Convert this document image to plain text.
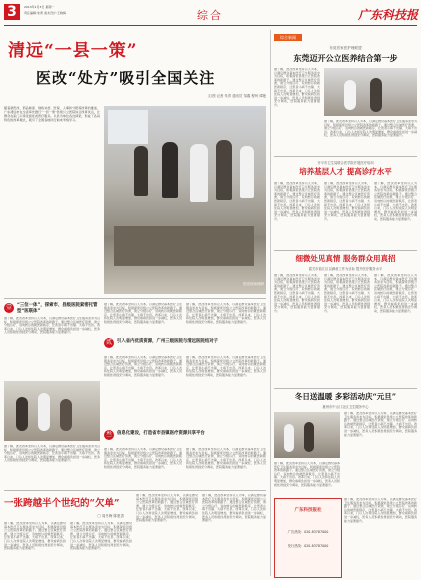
3	2013年1月3日 星期一
责任编辑:朱青 美术设计:王晓梅	综合	广东科技报
清远“一县一策”
医改“处方”吸引全国关注
文/图 记者 朱青 通讯员 邹鑫 程珂 谭艳
随着新医改、药品制度、财政补偿、医保、人事和分配等改革的推进，广东清远市在全省率先推行“一县一策”县级公立医院综合改革试点，让群众在家门口享受到优质医疗服务。以县为单位各自探索，形成了各具特色的改革模式，吸引了全国各地同行前来考察学习。
医改现场调研
壹	“三位一体”，探索市、县级医院紧密托管型“医联体”
据了解，此次改革坚持以人为本，以满足群众基本医疗卫生服务需求为目标，积极探索县级公立医院改革的新路子。通过整合区域医疗资源，建立分级诊疗、双向转诊的就医新秩序，让患者小病不出镇、大病不出县。改革以来，门诊人次和住院人次明显增加，群众看病负担进一步减轻，医务人员积极性得到充分调动，医院服务能力显著提升。
据了解，此次改革坚持以人为本，以满足群众基本医疗卫生服务需求为目标，积极探索县级公立医院改革的新路子。通过整合区域医疗资源，建立分级诊疗、双向转诊的就医新秩序，让患者小病不出镇、大病不出县。改革以来，门诊人次和住院人次明显增加，群众看病负担进一步减轻，医务人员积极性得到充分调动，医院服务能力显著提升。
据了解，此次改革坚持以人为本，以满足群众基本医疗卫生服务需求为目标，积极探索县级公立医院改革的新路子。通过整合区域医疗资源，建立分级诊疗、双向转诊的就医新秩序，让患者小病不出镇、大病不出县。改革以来，门诊人次和住院人次明显增加，群众看病负担进一步减轻，医务人员积极性得到充分调动，医院服务能力显著提升。
据了解，此次改革坚持以人为本，以满足群众基本医疗卫生服务需求为目标，积极探索县级公立医院改革的新路子。通过整合区域医疗资源，建立分级诊疗、双向转诊的就医新秩序，让患者小病不出镇、大病不出县。改革以来，门诊人次和住院人次明显增加，群众看病负担进一步减轻，医务人员积极性得到充分调动，医院服务能力显著提升。
贰	引入省内优质资源，广州三级医院与清远医院结对子
据了解，此次改革坚持以人为本，以满足群众基本医疗卫生服务需求为目标，积极探索县级公立医院改革的新路子。通过整合区域医疗资源，建立分级诊疗、双向转诊的就医新秩序，让患者小病不出镇、大病不出县。改革以来，门诊人次和住院人次明显增加，群众看病负担进一步减轻，医务人员积极性得到充分调动，医院服务能力显著提升。
据了解，此次改革坚持以人为本，以满足群众基本医疗卫生服务需求为目标，积极探索县级公立医院改革的新路子。通过整合区域医疗资源，建立分级诊疗、双向转诊的就医新秩序，让患者小病不出镇、大病不出县。改革以来，门诊人次和住院人次明显增加，群众看病负担进一步减轻，医务人员积极性得到充分调动，医院服务能力显著提升。
叁	信息化建设，打造省市县镇医疗资源共享平台
据了解，此次改革坚持以人为本，以满足群众基本医疗卫生服务需求为目标，积极探索县级公立医院改革的新路子。通过整合区域医疗资源，建立分级诊疗、双向转诊的就医新秩序，让患者小病不出镇、大病不出县。改革以来，门诊人次和住院人次明显增加，群众看病负担进一步减轻，医务人员积极性得到充分调动，医院服务能力显著提升。
据了解，此次改革坚持以人为本，以满足群众基本医疗卫生服务需求为目标，积极探索县级公立医院改革的新路子。通过整合区域医疗资源，建立分级诊疗、双向转诊的就医新秩序，让患者小病不出镇、大病不出县。改革以来，门诊人次和住院人次明显增加，群众看病负担进一步减轻，医务人员积极性得到充分调动，医院服务能力显著提升。
一张跨越半个世纪的“欠单”
□ 周冬梅 陈惠香
据了解，此次改革坚持以人为本，以满足群众基本医疗卫生服务需求为目标，积极探索县级公立医院改革的新路子。通过整合区域医疗资源，建立分级诊疗、双向转诊的就医新秩序，让患者小病不出镇、大病不出县。改革以来，门诊人次和住院人次明显增加，群众看病负担进一步减轻，医务人员积极性得到充分调动，医院服务能力显著提升。
据了解，此次改革坚持以人为本，以满足群众基本医疗卫生服务需求为目标，积极探索县级公立医院改革的新路子。通过整合区域医疗资源，建立分级诊疗、双向转诊的就医新秩序，让患者小病不出镇、大病不出县。改革以来，门诊人次和住院人次明显增加，群众看病负担进一步减轻，医务人员积极性得到充分调动，医院服务能力显著提升。
据了解，此次改革坚持以人为本，以满足群众基本医疗卫生服务需求为目标，积极探索县级公立医院改革的新路子。通过整合区域医疗资源，建立分级诊疗、双向转诊的就医新秩序，让患者小病不出镇、大病不出县。改革以来，门诊人次和住院人次明显增加，群众看病负担进一步减轻，医务人员积极性得到充分调动，医院服务能力显著提升。
据了解，此次改革坚持以人为本，以满足群众基本医疗卫生服务需求为目标，积极探索县级公立医院改革的新路子。通过整合区域医疗资源，建立分级诊疗、双向转诊的就医新秩序，让患者小病不出镇、大病不出县。改革以来，门诊人次和住院人次明显增加，群众看病负担进一步减轻，医务人员积极性得到充分调动，医院服务能力显著提升。
综合新闻
东莞首家医护理联盟
东莞迈开公立医养结合第一步
据了解，此次改革坚持以人为本，以满足群众基本医疗卫生服务需求为目标，积极探索县级公立医院改革的新路子。通过整合区域医疗资源，建立分级诊疗、双向转诊的就医新秩序，让患者小病不出镇、大病不出县。改革以来，门诊人次和住院人次明显增加，群众看病负担进一步减轻，医务人员积极性得到充分调动，医院服务能力显著提升。
据了解，此次改革坚持以人为本，以满足群众基本医疗卫生服务需求为目标，积极探索县级公立医院改革的新路子。通过整合区域医疗资源，建立分级诊疗、双向转诊的就医新秩序，让患者小病不出镇、大病不出县。改革以来，门诊人次和住院人次明显增加，群众看病负担进一步减轻，医务人员积极性得到充分调动，医院服务能力显著提升。
开平市卫生局联合医学院开展医疗培训
培养基层人才 提高诊疗水平
据了解，此次改革坚持以人为本，以满足群众基本医疗卫生服务需求为目标，积极探索县级公立医院改革的新路子。通过整合区域医疗资源，建立分级诊疗、双向转诊的就医新秩序，让患者小病不出镇、大病不出县。改革以来，门诊人次和住院人次明显增加，群众看病负担进一步减轻，医务人员积极性得到充分调动，医院服务能力显著提升。
据了解，此次改革坚持以人为本，以满足群众基本医疗卫生服务需求为目标，积极探索县级公立医院改革的新路子。通过整合区域医疗资源，建立分级诊疗、双向转诊的就医新秩序，让患者小病不出镇、大病不出县。改革以来，门诊人次和住院人次明显增加，群众看病负担进一步减轻，医务人员积极性得到充分调动，医院服务能力显著提升。
据了解，此次改革坚持以人为本，以满足群众基本医疗卫生服务需求为目标，积极探索县级公立医院改革的新路子。通过整合区域医疗资源，建立分级诊疗、双向转诊的就医新秩序，让患者小病不出镇、大病不出县。改革以来，门诊人次和住院人次明显增加，群众看病负担进一步减轻，医务人员积极性得到充分调动，医院服务能力显著提升。
细微处见真情 服务群众用真招
韶关市曲江区以满意工作为目标 提升医疗服务水平
据了解，此次改革坚持以人为本，以满足群众基本医疗卫生服务需求为目标，积极探索县级公立医院改革的新路子。通过整合区域医疗资源，建立分级诊疗、双向转诊的就医新秩序，让患者小病不出镇、大病不出县。改革以来，门诊人次和住院人次明显增加，群众看病负担进一步减轻，医务人员积极性得到充分调动，医院服务能力显著提升。
据了解，此次改革坚持以人为本，以满足群众基本医疗卫生服务需求为目标，积极探索县级公立医院改革的新路子。通过整合区域医疗资源，建立分级诊疗、双向转诊的就医新秩序，让患者小病不出镇、大病不出县。改革以来，门诊人次和住院人次明显增加，群众看病负担进一步减轻，医务人员积极性得到充分调动，医院服务能力显著提升。
据了解，此次改革坚持以人为本，以满足群众基本医疗卫生服务需求为目标，积极探索县级公立医院改革的新路子。通过整合区域医疗资源，建立分级诊疗、双向转诊的就医新秩序，让患者小病不出镇、大病不出县。改革以来，门诊人次和住院人次明显增加，群众看病负担进一步减轻，医务人员积极性得到充分调动，医院服务能力显著提升。
冬日送温暖 多彩活动庆“元旦”
惠州市中山门社区卫生服务中心
据了解，此次改革坚持以人为本，以满足群众基本医疗卫生服务需求为目标，积极探索县级公立医院改革的新路子。通过整合区域医疗资源，建立分级诊疗、双向转诊的就医新秩序，让患者小病不出镇、大病不出县。改革以来，门诊人次和住院人次明显增加，群众看病负担进一步减轻，医务人员积极性得到充分调动，医院服务能力显著提升。
据了解，此次改革坚持以人为本，以满足群众基本医疗卫生服务需求为目标，积极探索县级公立医院改革的新路子。通过整合区域医疗资源，建立分级诊疗、双向转诊的就医新秩序，让患者小病不出镇、大病不出县。改革以来，门诊人次和住院人次明显增加，群众看病负担进一步减轻，医务人员积极性得到充分调动，医院服务能力显著提升。
广东科技报社
广告热线：020-83787000
发行热线：020-83787000
据了解，此次改革坚持以人为本，以满足群众基本医疗卫生服务需求为目标，积极探索县级公立医院改革的新路子。通过整合区域医疗资源，建立分级诊疗、双向转诊的就医新秩序，让患者小病不出镇、大病不出县。改革以来，门诊人次和住院人次明显增加，群众看病负担进一步减轻，医务人员积极性得到充分调动，医院服务能力显著提升。
